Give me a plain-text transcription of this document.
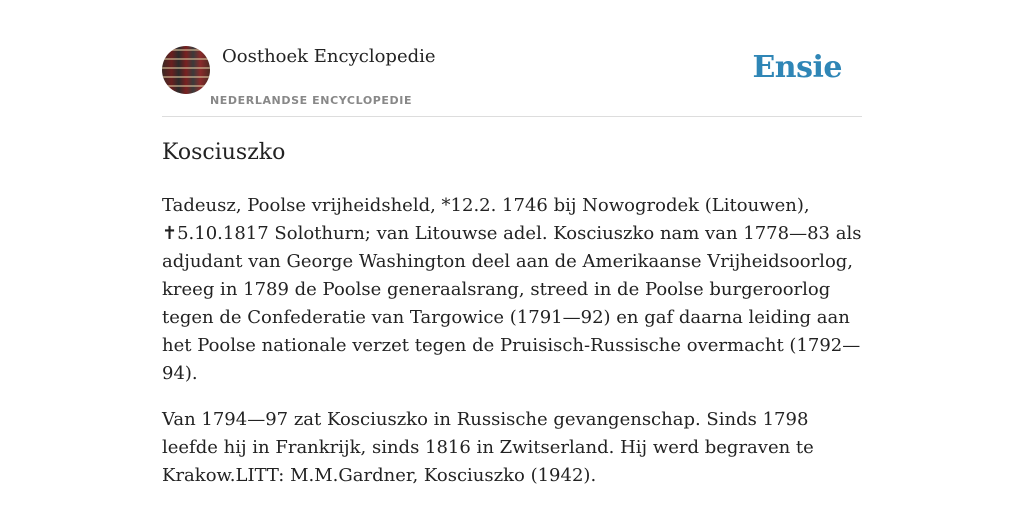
Oosthoek Encyclopedie
NEDERLANDSE ENCYCLOPEDIE
Ensie
Kosciuszko

Tadeusz, Poolse vrijheidsheld, *12.2. 1746 bij Nowogrodek (Litouwen), ✝5.10.1817 Solothurn; van Litouwse adel. Kosciuszko nam van 1778—83 als adjudant van George Washington deel aan de Amerikaanse Vrijheidsoorlog, kreeg in 1789 de Poolse generaalsrang, streed in de Poolse burgeroorlog tegen de Confederatie van Targowice (1791—92) en gaf daarna leiding aan het Poolse nationale verzet tegen de Pruisisch-Russische overmacht (1792—94).

Van 1794—97 zat Kosciuszko in Russische gevangenschap. Sinds 1798 leefde hij in Frankrijk, sinds 1816 in Zwitserland. Hij werd begraven te Krakow.LITT: M.M.Gardner, Kosciuszko (1942).
